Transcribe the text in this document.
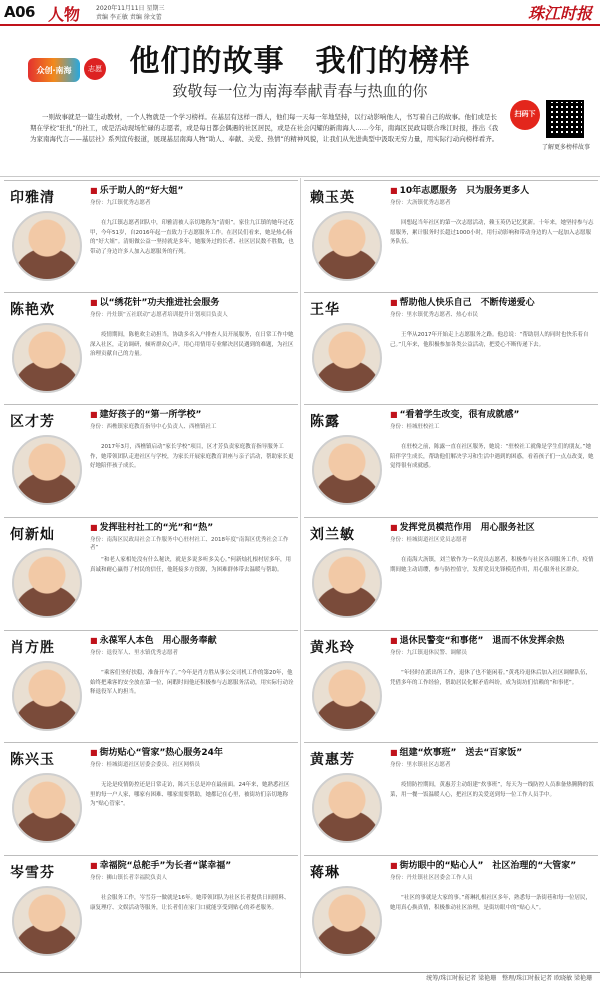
A06 人物	2020年11月11日 星期三
责编 李正敏 责编 徐文蕾	珠江时报
众创·南海	志愿 他们的故事　我们的榜样
致敬每一位为南海奉献青春与热血的你
扫码下
了解更多榜样故事

一则故事就是一篇生动教材，一个人物就是一个学习榜样。在基层有这样一群人，他们每一天每一年地坚持，以行动影响他人，书写着自己的故事。他们或是长期在学校“驻扎”的社工，或是活动现场忙碌的志愿者，或是每日都会偶遇的社区居民，或是在社会闪耀的新南海人……今年，南海区民政局联合珠江时报，推出《我为家南海代言——基层社》系列宣传报道，展现基层南海人物“助人、奉献、关爱、热情”的精神风貌，让我们从先进典型中汲取无穷力量，用实际行动向榜样看齐。

印雅清	■ 乐于助人的“好大姐”
身份：九江镇优秀志愿者

在九江镇志愿者团队中，印雅清被人亲切地称为“清姐”。家住九江镇的她年过花甲，今年51岁，自2016年起一直致力于志愿服务工作。在居民们看来，她是热心肠的“好大姐”。清姐做公益一坚持就是多年，她服务过的长者、社区居民数不胜数，也带动了身边许多人加入志愿服务的行列。

陈艳欢	■ 以“绣花针”功夫推进社会服务
身份：丹灶镇“五社联动”志愿者培训提升计划项目负责人

疫情期间，陈艳欢主动担当，协助多名入户排查人员开展服务，在日常工作中她深入社区，走访调研，倾听群众心声，用心用情用专业解决居民遇到的难题，为社区治理贡献自己的力量。

区才芳	■ 建好孩子的“第一所学校”
身份：西樵镇家庭教育指导中心负责人、西樵镇社工

2017年3月，西樵镇启动“家长学校”项目，区才芳负责家庭教育指导服务工作，她带领团队走进社区与学校，为家长开展家庭教育讲座与亲子活动，帮助家长更好地陪伴孩子成长。

何新灿	■ 发挥驻村社工的“光”和“热”
身份：南海区民政局社会工作服务中心驻村社工、2018年度“南海区优秀社会工作者”

“和老人家相处没有什么秘诀，就是多说多听多关心。”何新灿扎根村居多年，用真诚和耐心赢得了村民的信任，他链接多方资源，为困难群体带去温暖与帮助。

肖方胜	■ 永葆军人本色　用心服务奉献
身份：退役军人、里水镇优秀志愿者

“乘客们坐好扶稳，准备开车了。”今年是肖方胜从事公交司机工作的第20年，他始终把乘客的安全放在第一位，闲暇时间他还积极参与志愿服务活动，用实际行动诠释退役军人的担当。

陈兴玉	■ 街坊贴心“管家”热心服务24年
身份：桂城街道社区居委会委员、社区网格员

无论是疫情防控还是日常走访，陈兴玉总是冲在最前面。24年来，她熟悉社区里的每一户人家，哪家有困难、哪家需要帮助，她都记在心里，被街坊们亲切地称为“贴心管家”。

岑雪芬	■ 幸福院“总舵手”为长者“谋幸福”
身份：狮山镇长者幸福院负责人

社会服务工作，岑雪芬一做就是16年。她带领团队为社区长者提供日间照料、康复理疗、文娱活动等服务，让长者们在家门口就能享受到贴心的养老服务。

赖玉英	■ 10年志愿服务　只为服务更多人
身份：大沥镇优秀志愿者

回想起当年社区的第一次志愿活动，赖玉英仍记忆犹新。十年来，她坚持参与志愿服务，累计服务时长超过1000小时，用行动影响和带动身边的人一起加入志愿服务队伍。

王华	■ 帮助他人快乐自己　不断传递爱心
身份：里水镇优秀志愿者、热心市民

王华从2017年开始走上志愿服务之路。他总说：“帮助别人的同时也快乐着自己。”几年来，他积极参加各类公益活动，把爱心不断传递下去。

陈露	■ “看着学生改变，很有成就感”
身份：桂城驻校社工

在驻校之前，陈露一直在社区服务，她说：“驻校社工就像是学生们的朋友。”她陪伴学生成长，帮助他们解决学习和生活中遇到的困惑，看着孩子们一点点改变，她觉得很有成就感。

刘兰敏	■ 发挥党员模范作用　用心服务社区
身份：桂城街道社区党员志愿者

在南海大沥镇，刘兰敏作为一名党员志愿者，积极参与社区各项服务工作，疫情期间她主动请缨，参与防控值守，发挥党员先锋模范作用，用心服务社区群众。

黄兆玲	■ 退休民警变“和事佬”　退而不休发挥余热
身份：九江镇退休民警、调解员

“年轻时在派出所工作，退休了也不能闲着。”黄兆玲退休后加入社区调解队伍，凭借多年的工作经验，帮助居民化解矛盾纠纷，成为街坊们信赖的“和事佬”。

黄惠芳	■ 组建“炊事班”　送去“百家饭”
身份：里水镇社区志愿者

疫情防控期间，黄惠芳主动组建“炊事班”，每天为一线防控人员准备热腾腾的饭菜，用一餐一饭温暖人心，把社区的关爱送到每一位工作人员手中。

蒋琳	■ 街坊眼中的“贴心人”　社区治理的“大管家”
身份：丹灶镇社区居委会工作人员

“社区的事就是大家的事。”蒋琳扎根社区多年，熟悉每一条街巷和每一位居民，她用真心换真情，积极推动社区治理，是街坊眼中的“贴心人”。

统筹/珠江时报记者 梁艳珊　整理/珠江时报记者 欧晓敏 梁艳珊
